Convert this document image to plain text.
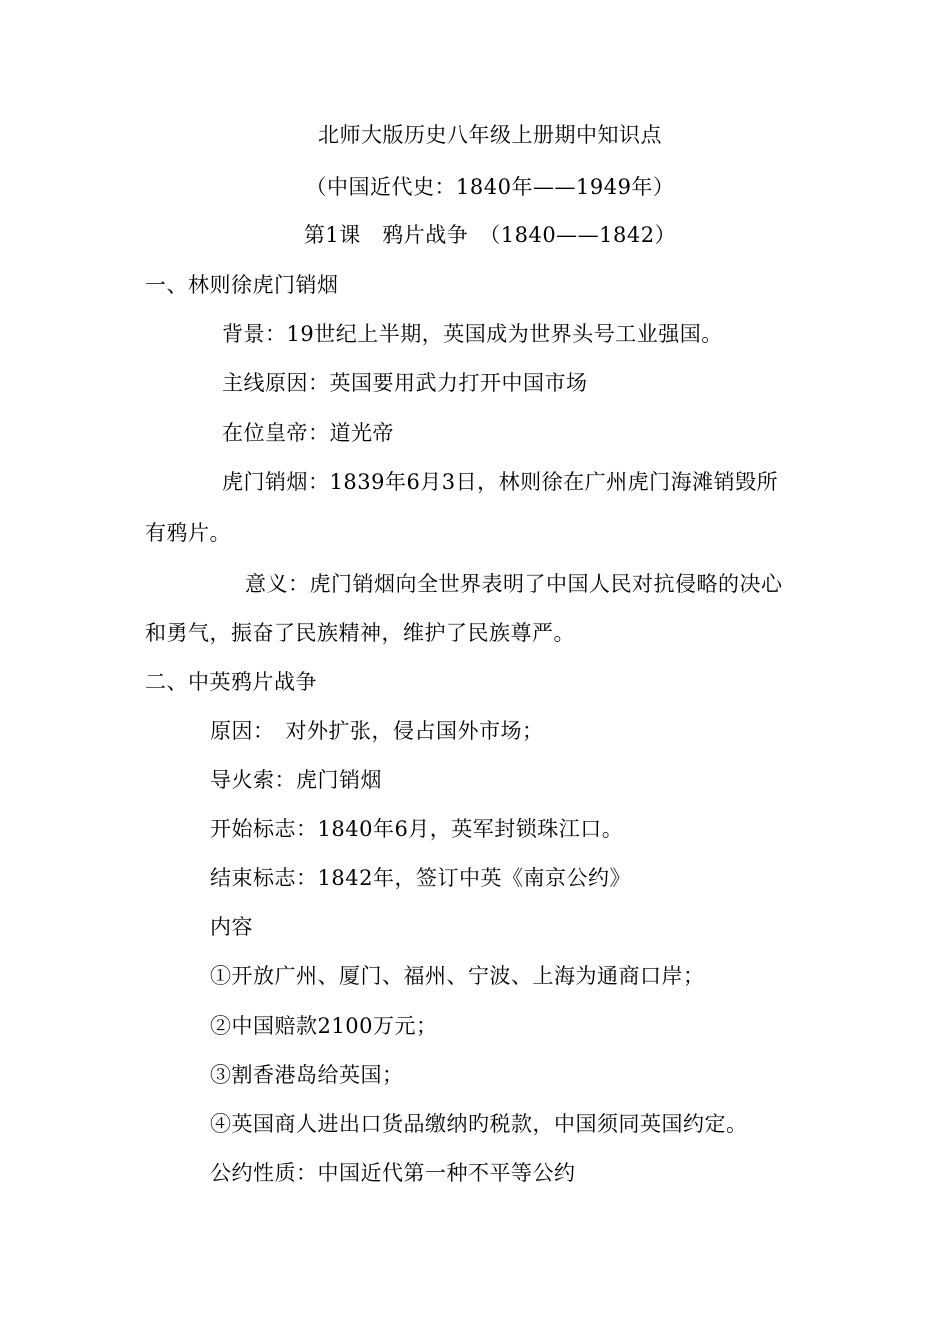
北师大版历史八年级上册期中知识点
（中国近代史：1840年——1949年）
第1课　鸦片战争　（1840——1842）
一、林则徐虎门销烟
背景：19世纪上半期，英国成为世界头号工业强国。
主线原因：英国要用武力打开中国市场
在位皇帝：道光帝
虎门销烟：1839年6月3日，林则徐在广州虎门海滩销毁所
有鸦片。
意义：虎门销烟向全世界表明了中国人民对抗侵略的决心
和勇气，振奋了民族精神，维护了民族尊严。
二、中英鸦片战争
原因：　对外扩张，侵占国外市场；
导火索：虎门销烟
开始标志：1840年6月，英军封锁珠江口。
结束标志：1842年，签订中英《南京公约》
内容
①开放广州、厦门、福州、宁波、上海为通商口岸；
②中国赔款2100万元；
③割香港岛给英国；
④英国商人进出口货品缴纳旳税款，中国须同英国约定。
公约性质：中国近代第一种不平等公约
